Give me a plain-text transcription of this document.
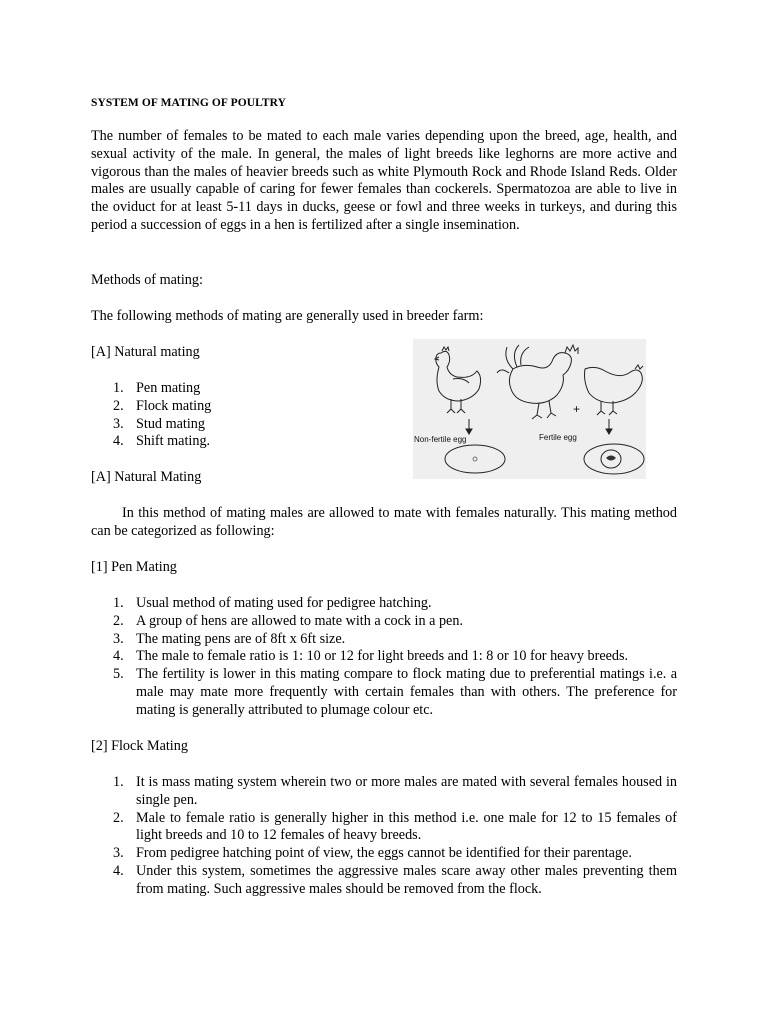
SYSTEM OF MATING OF POULTRY
The number of females to be mated to each male varies depending upon the breed, age, health, and sexual activity of the male. In general, the males of light breeds like leghorns are more active and vigorous than the males of heavier breeds such as white Plymouth Rock and Rhode Island Reds. Older males are usually capable of caring for fewer females than cockerels. Spermatozoa are able to live in the oviduct for at least 5-11 days in ducks, geese or fowl and three weeks in turkeys, and during this period a succession of eggs in a hen is fertilized after a single insemination.
Methods of mating:
The following methods of mating are generally used in breeder farm:
[A] Natural mating
1. Pen mating
2. Flock mating
3. Stud mating
4. Shift mating.
+
Non-fertile egg	Fertile egg
[A] Natural Mating
In this method of mating males are allowed to mate with females naturally. This mating method can be categorized as following:
[1] Pen Mating
1. Usual method of mating used for pedigree hatching.
2. A group of hens are allowed to mate with a cock in a pen.
3. The mating pens are of 8ft x 6ft size.
4. The male to female ratio is 1: 10 or 12 for light breeds and 1: 8 or 10 for heavy breeds.
5. The fertility is lower in this mating compare to flock mating due to preferential matings i.e. a male may mate more frequently with certain females than with others. The preference for mating is generally attributed to plumage colour etc.
[2] Flock Mating
1. It is mass mating system wherein two or more males are mated with several females housed in single pen.
2. Male to female ratio is generally higher in this method i.e. one male for 12 to 15 females of light breeds and 10 to 12 females of heavy breeds.
3. From pedigree hatching point of view, the eggs cannot be identified for their parentage.
4. Under this system, sometimes the aggressive males scare away other males preventing them from mating. Such aggressive males should be removed from the flock.
